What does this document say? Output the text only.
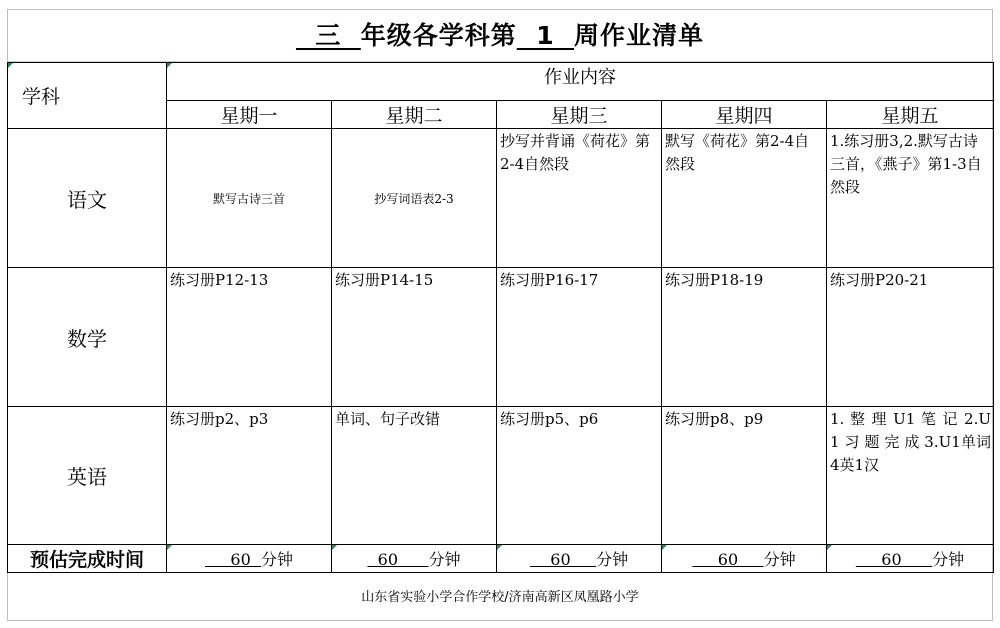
三  年级各学科第  1  周作业清单
学科	作业内容				
	星期一	星期二	星期三	星期四	星期五
语文	默写古诗三首	抄写词语表2-3	抄写并背诵《荷花》第2-4自然段	默写《荷花》第2-4自然段	1.练习册3,2.默写古诗三首，《燕子》第1-3自然段
数学	练习册P12-13	练习册P14-15	练习册P16-17	练习册P18-19	练习册P20-21
英语	练习册p2、p3	单词、句子改错	练习册p5、p6	练习册p8、p9	1. 整 理 U1 笔 记 2.U1 习 题 完 成 3.U1单词4英1汉
预估完成时间	60  分钟	60      分钟	60     分钟	60     分钟	60      分钟
山东省实验小学合作学校/济南高新区凤凰路小学
